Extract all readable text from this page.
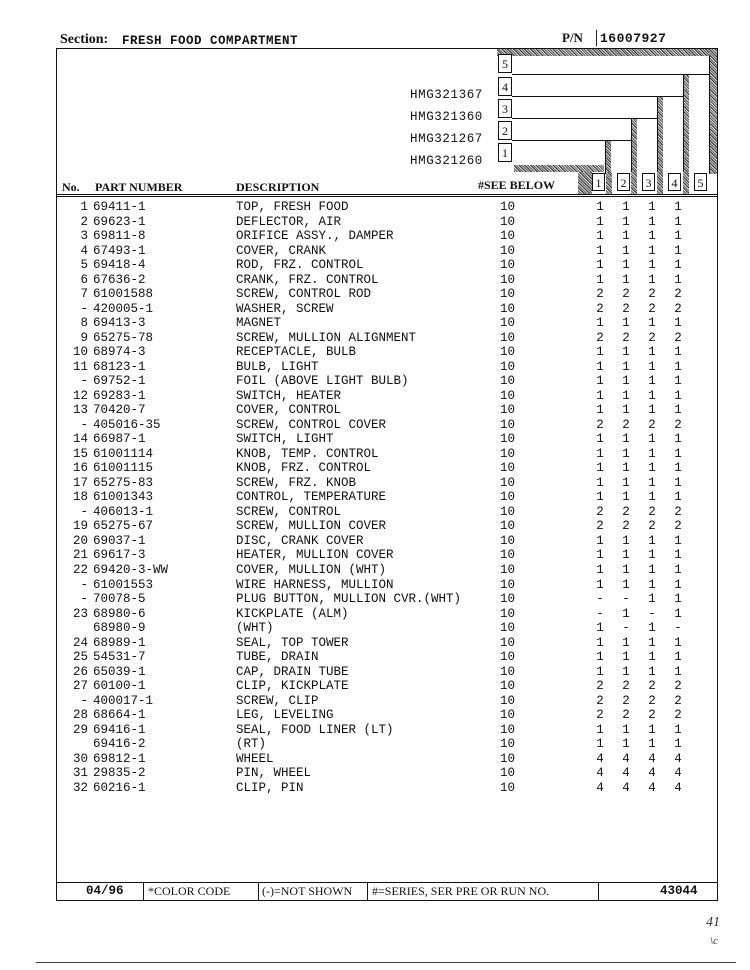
Section: FRESH FOOD COMPARTMENT	P/N 16007927
5
4
3
2
1
HMG321367
HMG321360
HMG321267
HMG321260
No. PART NUMBER	DESCRIPTION	#SEE BELOW	1 2 3 4 5
1 69411-1	TOP, FRESH FOOD	10	1	1	1	1
2 69623-1	DEFLECTOR, AIR	10	1	1	1	1
3 69811-8	ORIFICE ASSY., DAMPER	10	1	1	1	1
4 67493-1	COVER, CRANK	10	1	1	1	1
5 69418-4	ROD, FRZ. CONTROL	10	1	1	1	1
6 67636-2	CRANK, FRZ. CONTROL	10	1	1	1	1
7 61001588	SCREW, CONTROL ROD	10	2	2	2	2
- 420005-1	WASHER, SCREW	10	2	2	2	2
8 69413-3	MAGNET	10	1	1	1	1
9 65275-78	SCREW, MULLION ALIGNMENT	10	2	2	2	2
10 68974-3	RECEPTACLE, BULB	10	1	1	1	1
11 68123-1	BULB, LIGHT	10	1	1	1	1
- 69752-1	FOIL (ABOVE LIGHT BULB)	10	1	1	1	1
12 69283-1	SWITCH, HEATER	10	1	1	1	1
13 70420-7	COVER, CONTROL	10	1	1	1	1
- 405016-35	SCREW, CONTROL COVER	10	2	2	2	2
14 66987-1	SWITCH, LIGHT	10	1	1	1	1
15 61001114	KNOB, TEMP. CONTROL	10	1	1	1	1
16 61001115	KNOB, FRZ. CONTROL	10	1	1	1	1
17 65275-83	SCREW, FRZ. KNOB	10	1	1	1	1
18 61001343	CONTROL, TEMPERATURE	10	1	1	1	1
- 406013-1	SCREW, CONTROL	10	2	2	2	2
19 65275-67	SCREW, MULLION COVER	10	2	2	2	2
20 69037-1	DISC, CRANK COVER	10	1	1	1	1
21 69617-3	HEATER, MULLION COVER	10	1	1	1	1
22 69420-3-WW	COVER, MULLION (WHT)	10	1	1	1	1
- 61001553	WIRE HARNESS, MULLION	10	1	1	1	1
- 70078-5	PLUG BUTTON, MULLION CVR.(WHT)	10	-	-	1	1
23 68980-6	KICKPLATE (ALM)	10	-	1	-	1
68980-9	(WHT)	10	1	-	1	-
24 68989-1	SEAL, TOP TOWER	10	1	1	1	1
25 54531-7	TUBE, DRAIN	10	1	1	1	1
26 65039-1	CAP, DRAIN TUBE	10	1	1	1	1
27 60100-1	CLIP, KICKPLATE	10	2	2	2	2
- 400017-1	SCREW, CLIP	10	2	2	2	2
28 68664-1	LEG, LEVELING	10	2	2	2	2
29 69416-1	SEAL, FOOD LINER (LT)	10	1	1	1	1
69416-2	(RT)	10	1	1	1	1
30 69812-1	WHEEL	10	4	4	4	4
31 29835-2	PIN, WHEEL	10	4	4	4	4
32 60216-1	CLIP, PIN	10	4	4	4	4
04/96 *COLOR CODE	(-)=NOT SHOWN #=SERIES, SER PRE OR RUN NO.	43044
41
\c
